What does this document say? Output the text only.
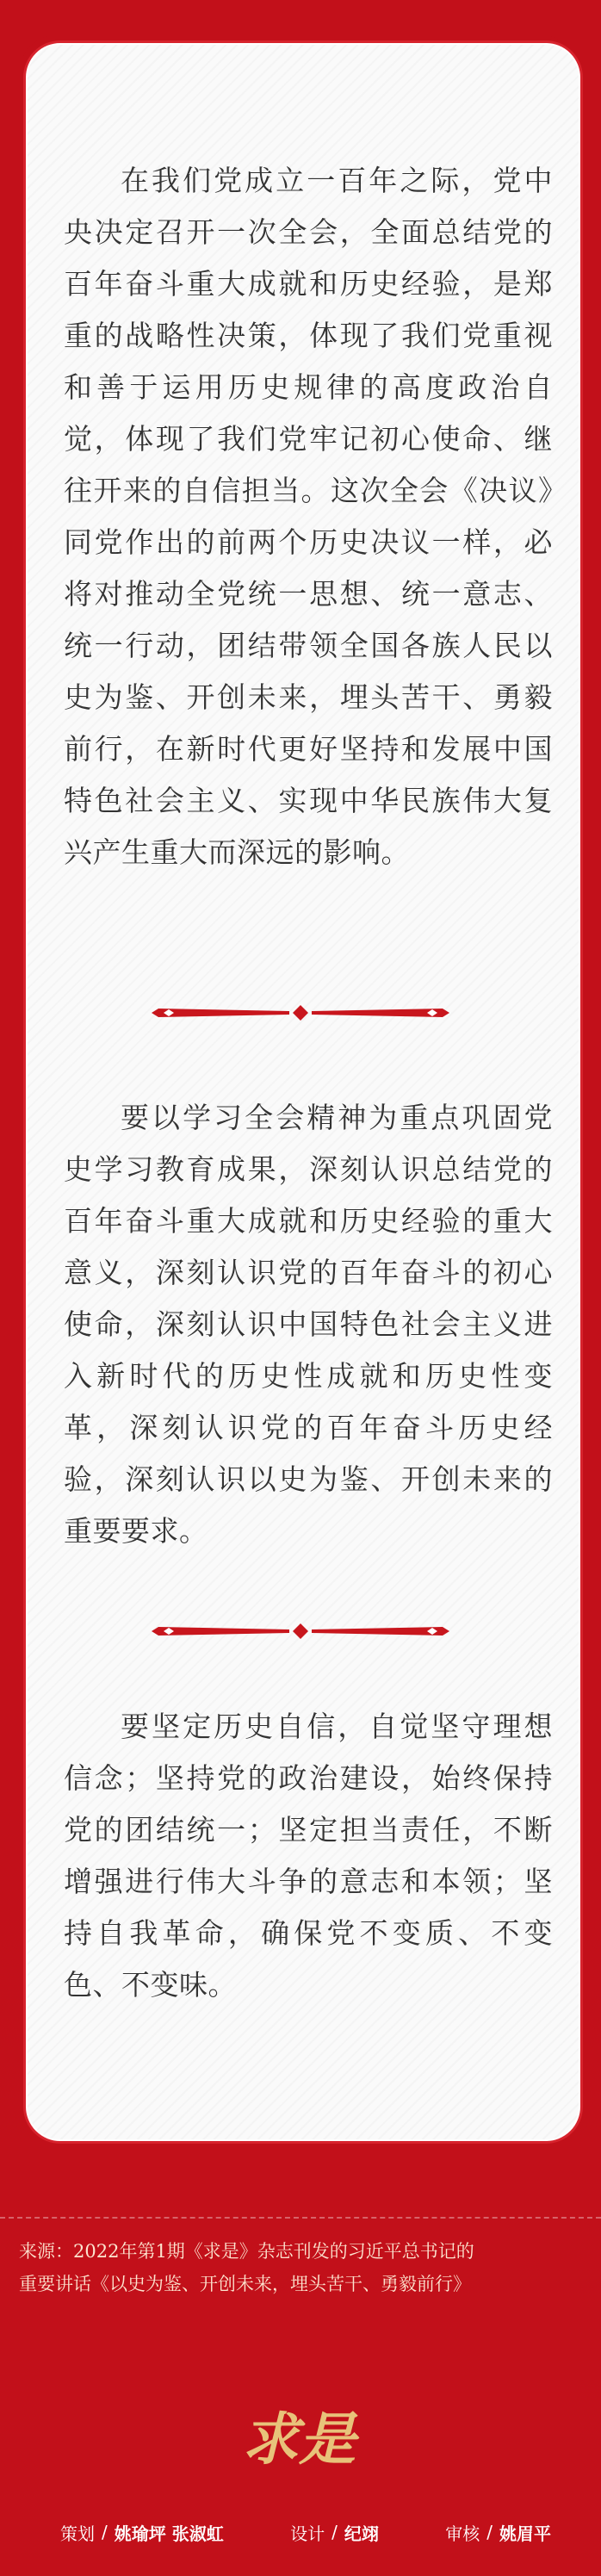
在我们党成立一百年之际，党中央决定召开一次全会，全面总结党的百年奋斗重大成就和历史经验，是郑重的战略性决策，体现了我们党重视和善于运用历史规律的高度政治自觉，体现了我们党牢记初心使命、继往开来的自信担当。这次全会《决议》同党作出的前两个历史决议一样，必将对推动全党统一思想、统一意志、统一行动，团结带领全国各族人民以史为鉴、开创未来，埋头苦干、勇毅前行，在新时代更好坚持和发展中国特色社会主义、实现中华民族伟大复兴产生重大而深远的影响。

要以学习全会精神为重点巩固党史学习教育成果，深刻认识总结党的百年奋斗重大成就和历史经验的重大意义，深刻认识党的百年奋斗的初心使命，深刻认识中国特色社会主义进入新时代的历史性成就和历史性变革，深刻认识党的百年奋斗历史经验，深刻认识以史为鉴、开创未来的重要要求。

要坚定历史自信，自觉坚守理想信念；坚持党的政治建设，始终保持党的团结统一；坚定担当责任，不断增强进行伟大斗争的意志和本领；坚持自我革命，确保党不变质、不变色、不变味。

来源：2022年第1期《求是》杂志刊发的习近平总书记的
重要讲话《以史为鉴、开创未来，埋头苦干、勇毅前行》

求是
策划 / 姚瑜坪 张淑虹	设计 / 纪翊	审核 / 姚眉平
